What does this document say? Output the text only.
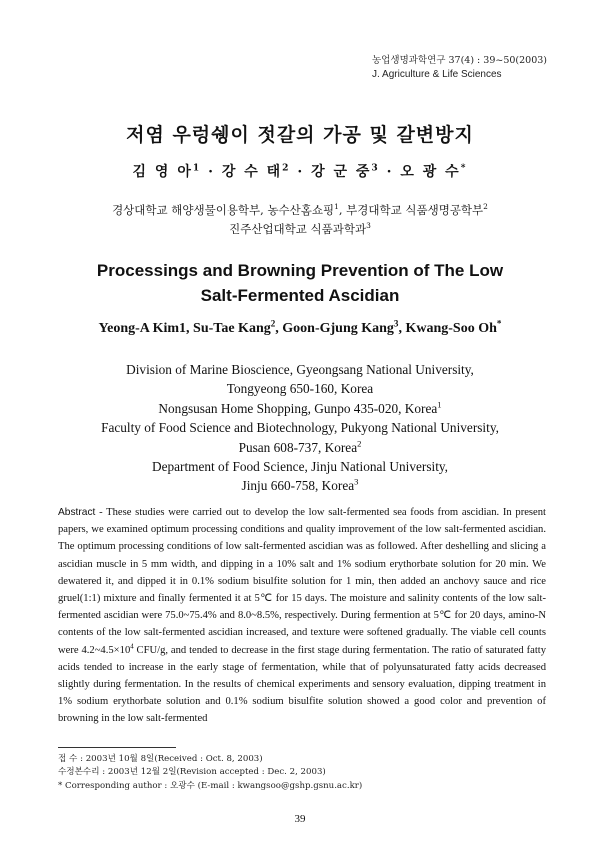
농업생명과학연구 37(4) : 39~50(2003)
J. Agriculture & Life Sciences
저염 우렁쉥이 젓갈의 가공 및 갈변방지
김 영 아$^1$ · 강 수 태$^2$ · 강 군 중$^3$ · 오 광 수*
경상대학교 해양생물이용학부, 농수산홈쇼핑$^1$, 부경대학교 식품생명공학부$^2$
진주산업대학교 식품과학과$^3$
Processings and Browning Prevention of The Low
Salt-Fermented Ascidian
Yeong-A Kim1, Su-Tae Kang$^2$, Goon-Gjung Kang$^3$, Kwang-Soo Oh*
Division of Marine Bioscience, Gyeongsang National University,
Tongyeong 650-160, Korea
Nongsusan Home Shopping, Gunpo 435-020, Korea$^1$
Faculty of Food Science and Biotechnology, Pukyong National University,
Pusan 608-737, Korea$^2$
Department of Food Science, Jinju National University,
Jinju 660-758, Korea$^3$
Abstract - These studies were carried out to develop the low salt-fermented sea foods from ascidian. In present papers, we examined optimum processing conditions and quality improvement of the low salt-fermented ascidian. The optimum processing conditions of low salt-fermented ascidian was as followed. After deshelling and slicing a ascidian muscle in 5 mm width, and dipping in a 10% salt and 1% sodium erythorbate solution for 20 min. We dewatered it, and dipped it in 0.1% sodium bisulfite solution for 1 min, then added an anchovy sauce and rice gruel(1:1) mixture and finally fermented it at 5℃ for 15 days. The moisture and salinity contents of the low salt-fermented ascidian were 75.0~75.4% and 8.0~8.5%, respectively. During fermention at 5℃ for 20 days, amino-N contents of the low salt-fermented ascidian increased, and texture were softened gradually. The viable cell counts were $4.2\sim 4.5\times 10^4$ CFU/g, and tended to decrease in the first stage during fermentation. The ratio of saturated fatty acids tended to increase in the early stage of fermentation, while that of polyunsaturated fatty acids decreased slightly during fermentation. In the results of chemical experiments and sensory evaluation, dipping treatment in 1% sodium erythorbate solution and 0.1% sodium bisulfite solution showed a good color and prevention of browning in the low salt-fermented
접 수 : 2003년 10월 8일(Received : Oct. 8, 2003)
수정본수리 : 2003년 12월 2일(Revision accepted : Dec. 2, 2003)
* Corresponding author : 오광수 (E-mail : kwangsoo@gshp.gsnu.ac.kr)
39
